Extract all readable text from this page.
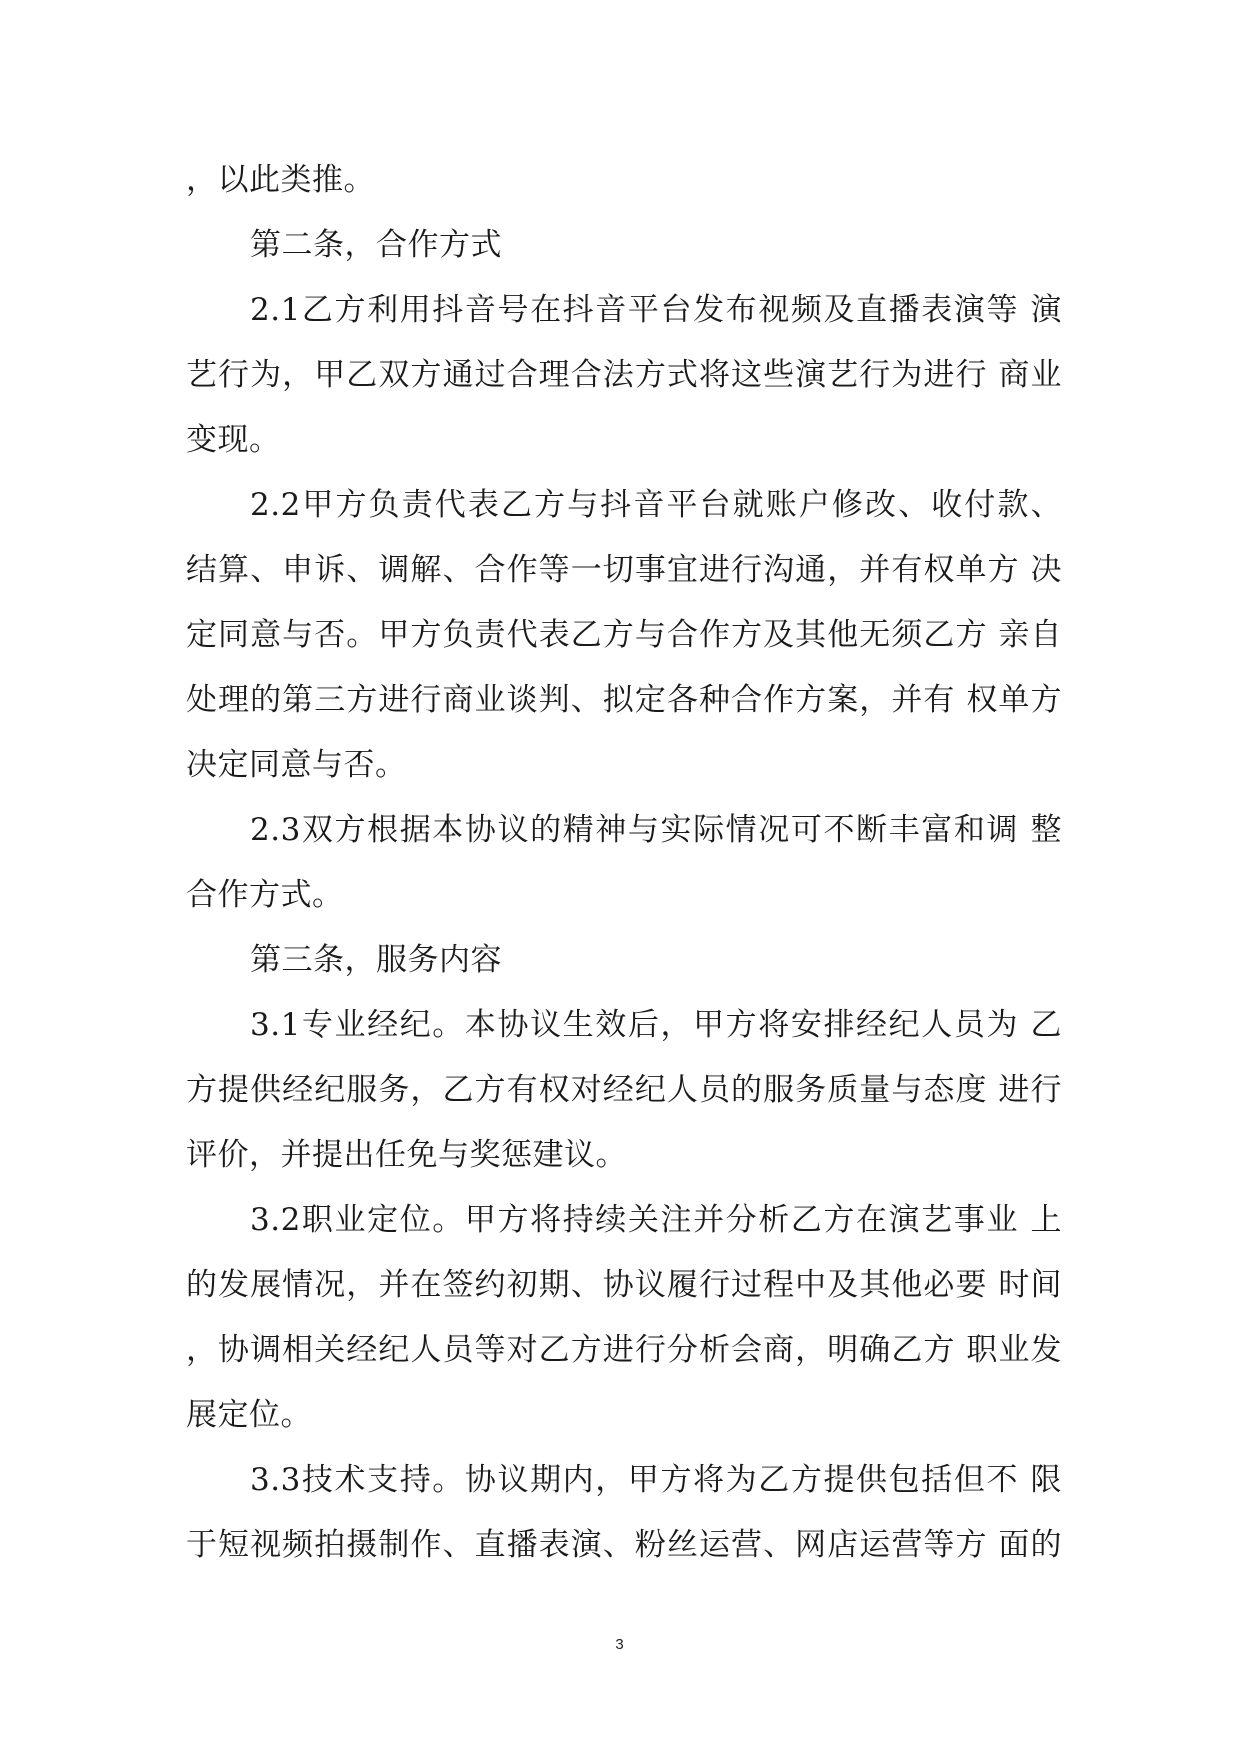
，以此类推。
第二条，合作方式
2.1乙方利用抖音号在抖音平台发布视频及直播表演等 演
艺行为，甲乙双方通过合理合法方式将这些演艺行为进行 商业
变现。
2.2甲方负责代表乙方与抖音平台就账户修改、收付款、
结算、申诉、调解、合作等一切事宜进行沟通，并有权单方 决
定同意与否。甲方负责代表乙方与合作方及其他无须乙方 亲自
处理的第三方进行商业谈判、拟定各种合作方案，并有 权单方
决定同意与否。
2.3双方根据本协议的精神与实际情况可不断丰富和调 整
合作方式。
第三条，服务内容
3.1专业经纪。本协议生效后，甲方将安排经纪人员为 乙
方提供经纪服务，乙方有权对经纪人员的服务质量与态度 进行
评价，并提出任免与奖惩建议。
3.2职业定位。甲方将持续关注并分析乙方在演艺事业 上
的发展情况，并在签约初期、协议履行过程中及其他必要 时间
，协调相关经纪人员等对乙方进行分析会商，明确乙方 职业发
展定位。
3.3技术支持。协议期内，甲方将为乙方提供包括但不 限
于短视频拍摄制作、直播表演、粉丝运营、网店运营等方 面的
3
